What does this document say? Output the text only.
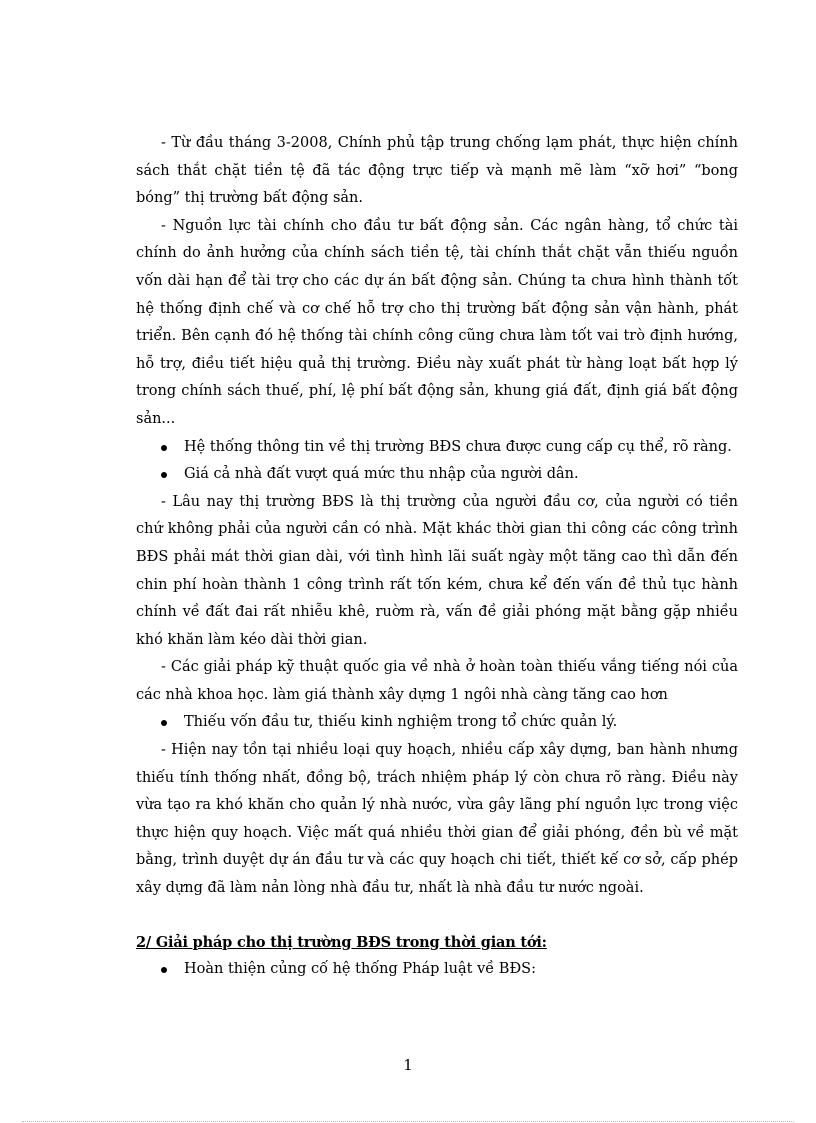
- Từ đầu tháng 3-2008, Chính phủ tập trung chống lạm phát, thực hiện chính sách thắt chặt tiền tệ đã tác động trực tiếp và mạnh mẽ làm “xỡ hơi” “bong bóng” thị trường bất động sản.

- Nguồn lực tài chính cho đầu tư bất động sản. Các ngân hàng, tổ chức tài chính do ảnh hưởng của chính sách tiền tệ, tài chính thắt chặt vẫn thiếu nguồn vốn dài hạn để tài trợ cho các dự án bất động sản. Chúng ta chưa hình thành tốt hệ thống định chế và cơ chế hỗ trợ cho thị trường bất động sản vận hành, phát triển. Bên cạnh đó hệ thống tài chính công cũng chưa làm tốt vai trò định hướng, hỗ trợ, điều tiết hiệu quả thị trường. Điều này xuất phát từ hàng loạt bất hợp lý trong chính sách thuế, phí, lệ phí bất động sản, khung giá đất, định giá bất động sản...

Hệ thống thông tin về thị trường BĐS chưa được cung cấp cụ thể, rõ ràng.
Giá cả nhà đất vượt quá mức thu nhập của người dân.

- Lâu nay thị trường BĐS là thị trường của người đầu cơ, của người có tiền chứ không phải của người cần có nhà. Mặt khác thời gian thi công các công trình BĐS phải mát thời gian dài, với tình hình lãi suất ngày một tăng cao thì dẫn đến chin phí hoàn thành 1 công trình rất tốn kém, chưa kể đến vấn đề thủ tục hành chính về đất đai rất nhiễu khê, ruờm rà, vấn đề giải phóng mặt bằng gặp nhiều khó khăn làm kéo dài thời gian.

- Các giải pháp kỹ thuật quốc gia về nhà ở hoàn toàn thiếu vắng tiếng nói của các nhà khoa học. làm giá thành xây dựng 1 ngôi nhà càng tăng cao hơn

Thiếu vốn đầu tư, thiếu kinh nghiệm trong tổ chức quản lý.

- Hiện nay tồn tại nhiều loại quy hoạch, nhiều cấp xây dựng, ban hành nhưng thiếu tính thống nhất, đồng bộ, trách nhiệm pháp lý còn chưa rõ ràng. Điều này vừa tạo ra khó khăn cho quản lý nhà nước, vừa gây lãng phí nguồn lực trong việc thực hiện quy hoạch. Việc mất quá nhiều thời gian để giải phóng, đền bù về mặt bằng, trình duyệt dự án đầu tư và các quy hoạch chi tiết, thiết kế cơ sở, cấp phép xây dựng đã làm nản lòng nhà đầu tư, nhất là nhà đầu tư nước ngoài.

2/ Giải pháp cho thị trường BĐS trong thời gian tới:

Hoàn thiện củng cố hệ thống Pháp luật về BĐS:
1
